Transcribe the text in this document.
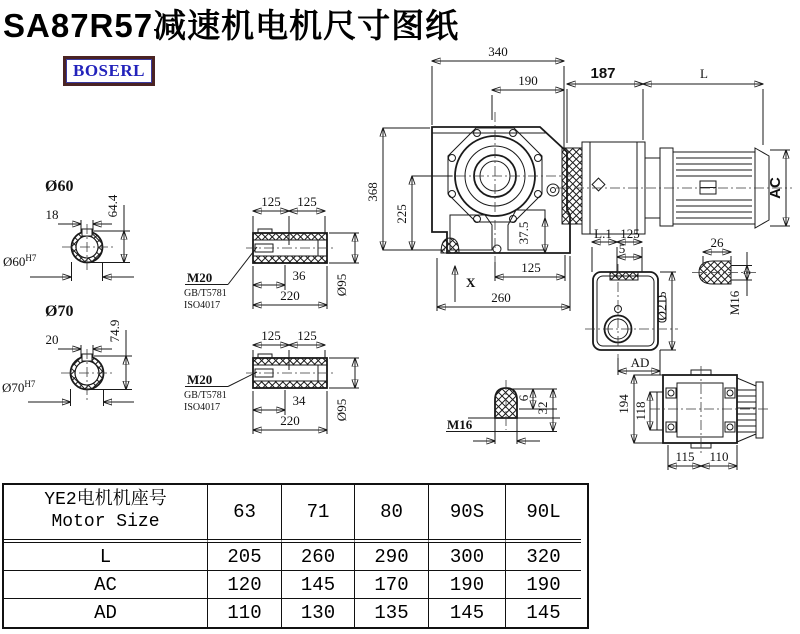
SA87R57减速机电机尺寸图纸
BOSERL
340
190
368
225
37.5
125
260
X
187	L
AC
Ø60
18	64.4
$Ø60^{H7}$
Ø70
20	74.9
$Ø70^{H7}$
125 125
M20
GB/T5781
ISO4017
36
220	Ø95
125 125
M20
GB/T5781
ISO4017	34
220	Ø95
L.1 125
5
Ø215
AD
26
M16
6
32
M16
194 118
115 110
YE2电机机座号
Motor Size	63	71	80	90S	90L
L	205	260	290	300	320
AC	120	145	170	190	190
AD	110	130	135	145	145
